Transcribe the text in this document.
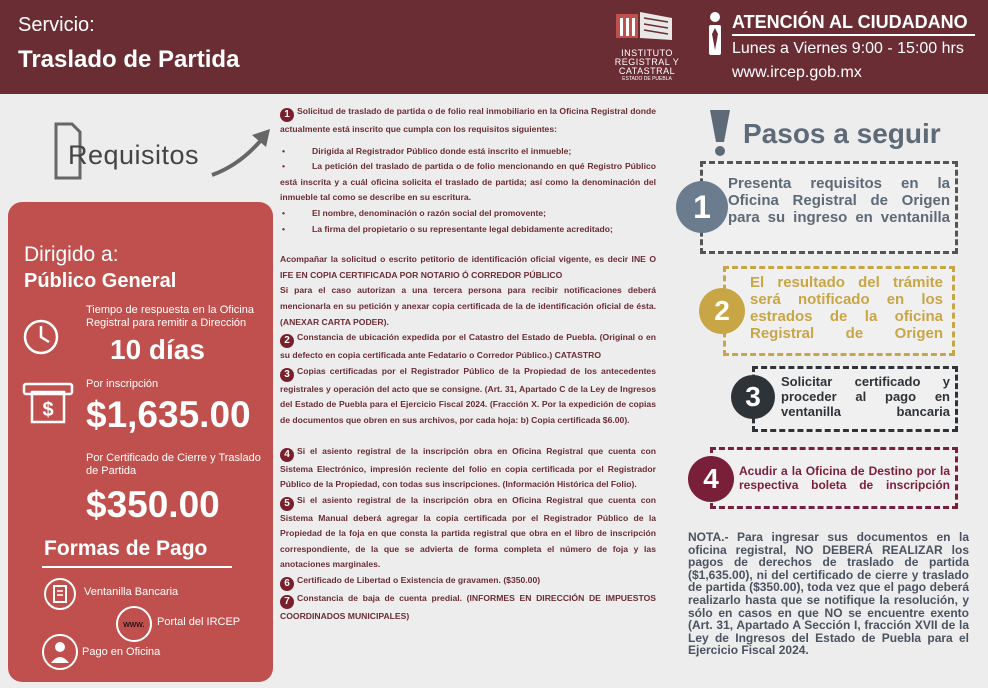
Servicio:
Traslado de Partida	INSTITUTO
REGISTRAL Y
CATASTRAL
ESTADO DE PUEBLA
ATENCIÓN AL CIUDADANO
Lunes a Viernes 9:00 - 15:00 hrs
www.ircep.gob.mx
Requisitos
Dirigido a:
Público General
Tiempo de respuesta en la Oficina Registral para remitir a Dirección
10 días
$
Por inscripción
$1,635.00
Por Certificado de Cierre y Traslado de Partida
$350.00
Formas de Pago
Ventanilla Bancaria
www.	Portal del IRCEP
Pago en Oficina

1 Solicitud de traslado de partida o de folio real inmobiliario en la Oficina Registral donde actualmente está inscrito que cumpla con los requisitos siguientes:

•	Dirigida al Registrador Público donde está inscrito el inmueble;

•	La petición del traslado de partida o de folio mencionando en qué Registro Público está inscrita y a cuál oficina solicita el traslado de partida; así como la denominación del inmueble tal como se describe en su escritura.

•	El nombre, denominación o razón social del promovente;

•	La firma del propietario o su representante legal debidamente acreditado;

Acompañar la solicitud o escrito petitorio de identificación oficial vigente, es decir INE O IFE EN COPIA CERTIFICADA POR NOTARIO Ó CORREDOR PÚBLICO

Si para el caso autorizan a una tercera persona para recibir notificaciones deberá mencionarla en su petición y anexar copia certificada de la de identificación oficial de ésta. (ANEXAR CARTA PODER).

2 Constancia de ubicación expedida por el Catastro del Estado de Puebla. (Original o en su defecto en copia certificada ante Fedatario o Corredor Público.) CATASTRO

3 Copias certificadas por el Registrador Público de la Propiedad de los antecedentes registrales y operación del acto que se consigne. (Art. 31, Apartado C de la Ley de Ingresos del Estado de Puebla para el Ejercicio Fiscal 2024. (Fracción X. Por la expedición de copias de documentos que obren en sus archivos, por cada hoja: b) Copia certificada $6.00).

4 Si el asiento registral de la inscripción obra en Oficina Registral que cuenta con Sistema Electrónico, impresión reciente del folio en copia certificada por el Registrador Público de la Propiedad, con todas sus inscripciones. (Información Histórica del Folio).

5 Si el asiento registral de la inscripción obra en Oficina Registral que cuenta con Sistema Manual deberá agregar la copia certificada por el Registrador Público de la Propiedad de la foja en que consta la partida registral que obra en el libro de inscripción correspondiente, de la que se advierta de forma completa el número de foja y las anotaciones marginales.

6 Certificado de Libertad o Existencia de gravamen. ($350.00)

7 Constancia de baja de cuenta predial. (INFORMES EN DIRECCIÓN DE IMPUESTOS COORDINADOS MUNICIPALES)

Pasos a seguir
1
Presenta requisitos en la Oficina Registral de Origen para su ingreso en ventanilla
2
El resultado del trámite será notificado en los estrados de la oficina Registral de Origen
3	Solicitar certificado y proceder al pago en ventanilla bancaria
4	Acudir a la Oficina de Destino por la respectiva boleta de inscripción
NOTA.- Para ingresar sus documentos en la oficina registral, NO DEBERÁ REALIZAR los pagos de derechos de traslado de partida ($1,635.00), ni del certificado de cierre y traslado de partida ($350.00), toda vez que el pago deberá realizarlo hasta que se notifique la resolución, y sólo en casos en que NO se encuentre exento (Art. 31, Apartado A Sección I, fracción XVII de la Ley de Ingresos del Estado de Puebla para el Ejercicio Fiscal 2024.
